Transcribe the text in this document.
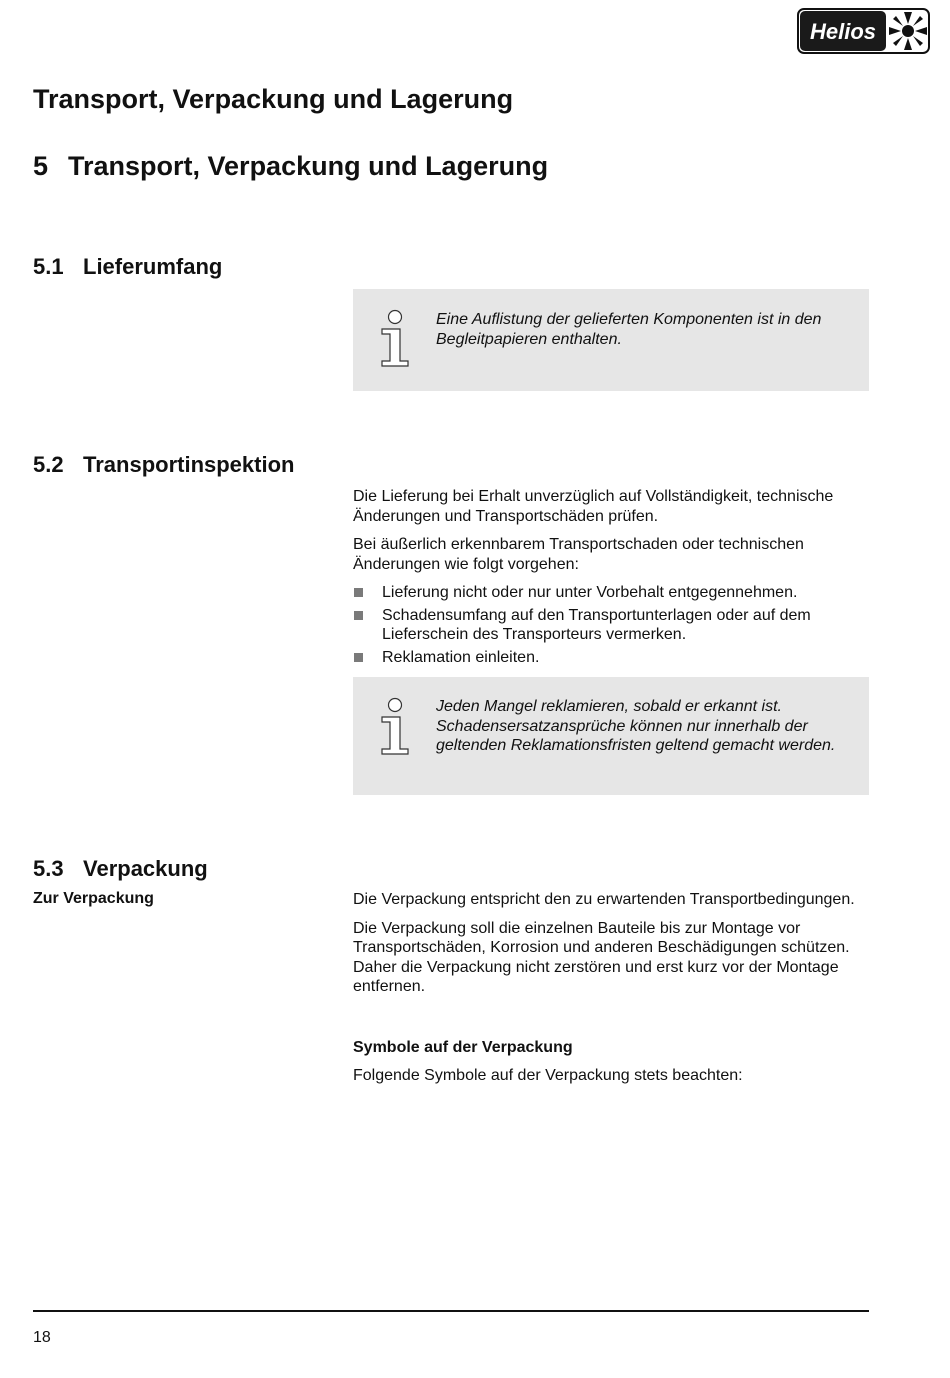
Helios
Transport, Verpackung und Lagerung
5 Transport, Verpackung und Lagerung
5.1 Lieferumfang
Eine Auflistung der gelieferten Komponenten ist in den Begleitpapieren enthalten.
5.2 Transportinspektion

Die Lieferung bei Erhalt unverzüglich auf Vollständigkeit, technische Änderungen und Transportschäden prüfen.

Bei äußerlich erkennbarem Transportschaden oder technischen Änderungen wie folgt vorgehen:

Lieferung nicht oder nur unter Vorbehalt entgegennehmen.
Schadensumfang auf den Transportunterlagen oder auf dem Lieferschein des Transporteurs vermerken.
Reklamation einleiten.
Jeden Mangel reklamieren, sobald er erkannt ist. Schadensersatzansprüche können nur innerhalb der geltenden Reklamationsfristen geltend gemacht werden.
5.3 Verpackung
Zur Verpackung	Die Verpackung entspricht den zu erwartenden Transportbedingungen.

Die Verpackung soll die einzelnen Bauteile bis zur Montage vor Transportschäden, Korrosion und anderen Beschädigungen schützen. Daher die Verpackung nicht zerstören und erst kurz vor der Montage entfernen.

Symbole auf der Verpackung

Folgende Symbole auf der Verpackung stets beachten:

18
